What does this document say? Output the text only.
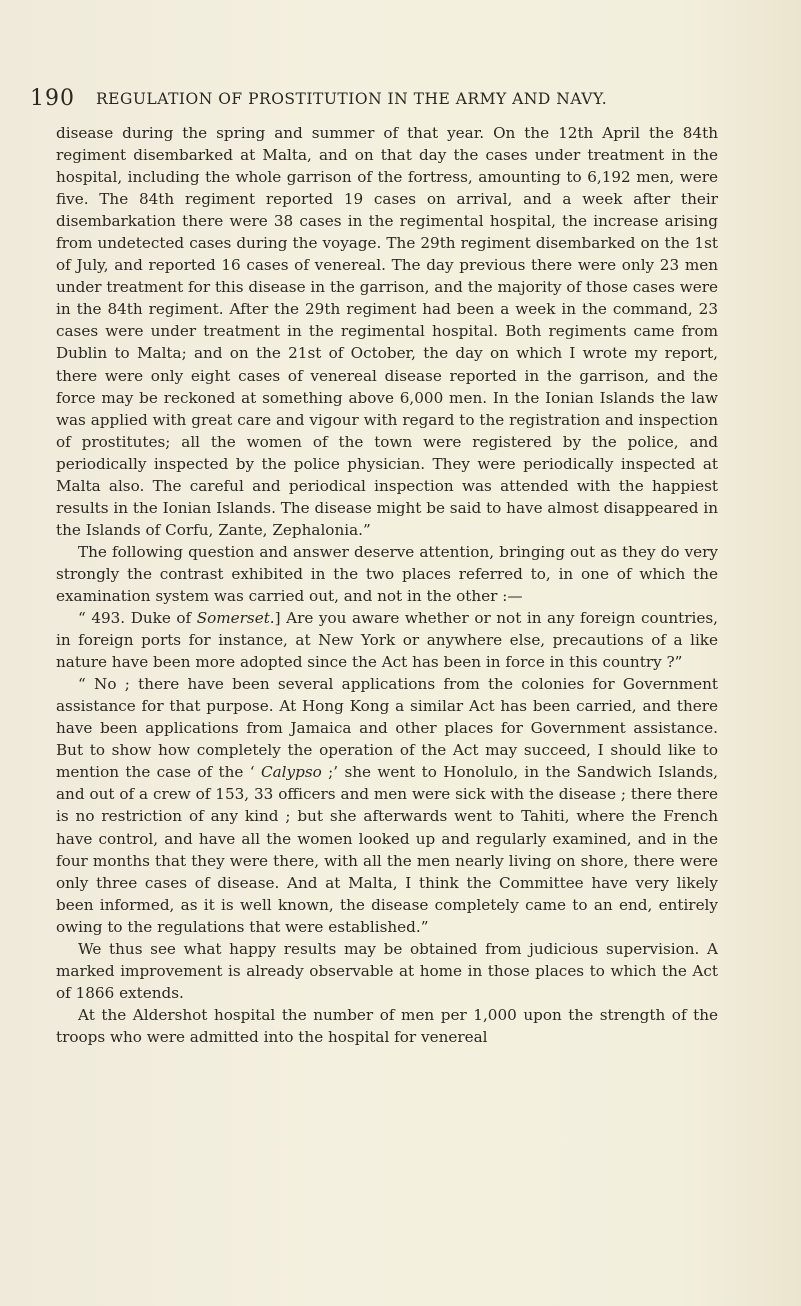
190 REGULATION OF PROSTITUTION IN THE ARMY AND NAVY.

disease during the spring and summer of that year. On the 12th April the 84th regiment disembarked at Malta, and on that day the cases under treatment in the hospital, including the whole garrison of the fortress, amounting to 6,192 men, were five. The 84th regiment reported 19 cases on arrival, and a week after their disembarkation there were 38 cases in the regimental hospital, the increase arising from undetected cases during the voyage. The 29th regiment disembarked on the 1st of July, and reported 16 cases of venereal. The day previous there were only 23 men under treatment for this disease in the garrison, and the majority of those cases were in the 84th regiment. After the 29th regiment had been a week in the command, 23 cases were under treatment in the regimental hospital. Both regiments came from Dublin to Malta; and on the 21st of October, the day on which I wrote my report, there were only eight cases of venereal disease reported in the garrison, and the force may be reckoned at something above 6,000 men. In the Ionian Islands the law was applied with great care and vigour with regard to the registration and inspection of prostitutes; all the women of the town were registered by the police, and periodically inspected by the police physician. They were periodically inspected at Malta also. The careful and periodical inspection was attended with the happiest results in the Ionian Islands. The disease might be said to have almost disappeared in the Islands of Corfu, Zante, Zephalonia.”

The following question and answer deserve attention, bringing out as they do very strongly the contrast exhibited in the two places referred to, in one of which the examination system was carried out, and not in the other :—

“ 493. Duke of Somerset.] Are you aware whether or not in any foreign countries, in foreign ports for instance, at New York or anywhere else, precautions of a like nature have been more adopted since the Act has been in force in this country ?”

“ No ; there have been several applications from the colonies for Government assistance for that purpose. At Hong Kong a similar Act has been carried, and there have been applications from Jamaica and other places for Government assistance. But to show how completely the operation of the Act may succeed, I should like to mention the case of the ‘ Calypso ;’ she went to Honolulo, in the Sandwich Islands, and out of a crew of 153, 33 officers and men were sick with the disease ; there there is no restriction of any kind ; but she afterwards went to Tahiti, where the French have control, and have all the women looked up and regularly examined, and in the four months that they were there, with all the men nearly living on shore, there were only three cases of disease. And at Malta, I think the Committee have very likely been informed, as it is well known, the disease completely came to an end, entirely owing to the regulations that were established.”

We thus see what happy results may be obtained from judicious supervision. A marked improvement is already observable at home in those places to which the Act of 1866 extends.

At the Aldershot hospital the number of men per 1,000 upon the strength of the troops who were admitted into the hospital for venereal
